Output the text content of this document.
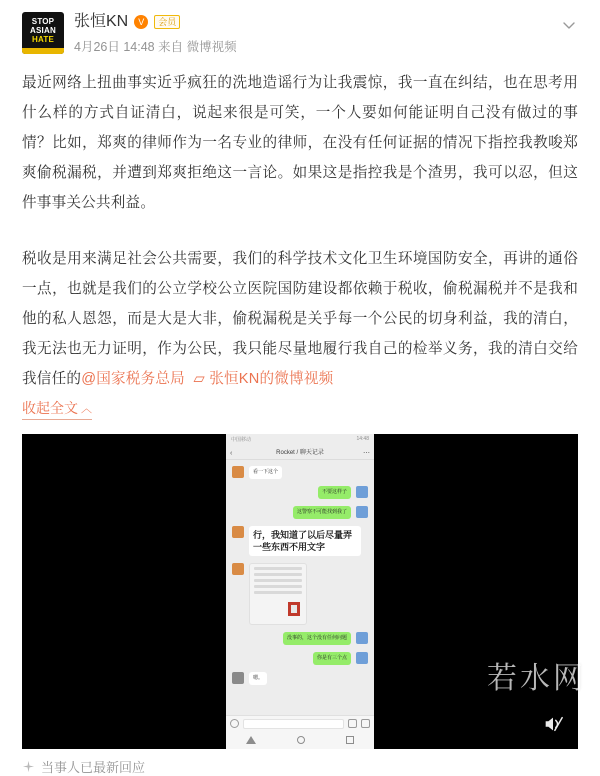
STOP
ASIAN
HATE
张恒KN	V	会员
4月26日 14:48 来自 微博视频

最近网络上扭曲事实近乎疯狂的洗地造谣行为让我震惊，我一直在纠结，也在思考用什么样的方式自证清白，说起来很是可笑，一个人要如何能证明自己没有做过的事情？比如，郑爽的律师作为一名专业的律师，在没有任何证据的情况下指控我教唆郑爽偷税漏税，并遭到郑爽拒绝这一言论。如果这是指控我是个渣男，我可以忍，但这件事事关公共利益。

税收是用来满足社会公共需要，我们的科学技术文化卫生环境国防安全，再讲的通俗一点，也就是我们的公立学校公立医院国防建设都依赖于税收，偷税漏税并不是我和他的私人恩怨，而是大是大非，偷税漏税是关乎每一个公民的切身利益，我的清白，我无法也无力证明，作为公民，我只能尽量地履行我自己的检举义务，我的清白交给我信任的@国家税务总局 ▱ 张恒KN的微博视频

收起全文 ︿
中国移动	14:48
‹	Rocket / 聊天记录	⋯
看一下这个
不要这样子
这警察不可能找到我了
行，我知道了以后尽量弄一些东西不用文字
没事的，这个没有任何问题
你是有三个点
嗯。
当事人已最新回应
若水网
